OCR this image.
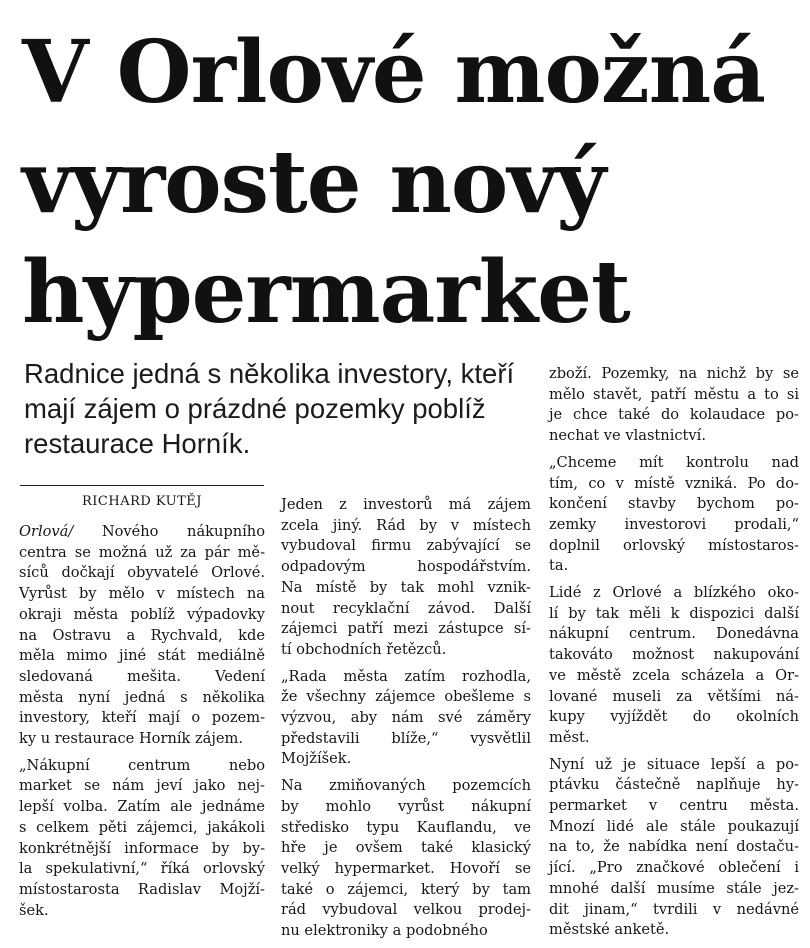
V Orlové možná
vyroste nový
hypermarket
Radnice jedná s několika investory, kteří
mají zájem o prázdné pozemky poblíž
restaurace Horník.
RICHARD KUTĚJ

Orlová/ Nového nákupního
centra se možná už za pár mě-
síců dočkají obyvatelé Orlové.
Vyrůst by mělo v místech na
okraji města poblíž výpadovky
na Ostravu a Rychvald, kde
měla mimo jiné stát mediálně
sledovaná mešita. Vedení
města nyní jedná s několika
investory, kteří mají o pozem-
ky u restaurace Horník zájem.

„Nákupní centrum nebo
market se nám jeví jako nej-
lepší volba. Zatím ale jednáme
s celkem pěti zájemci, jakákoli
konkrétnější informace by by-
la spekulativní,“ říká orlovský
místostarosta Radislav Mojží-
šek.

Jeden z investorů má zájem
zcela jiný. Rád by v místech
vybudoval firmu zabývající se
odpadovým hospodářstvím.
Na místě by tak mohl vznik-
nout recyklační závod. Další
zájemci patří mezi zástupce sí-
tí obchodních řetězců.

„Rada města zatím rozhodla,
že všechny zájemce obešleme s
výzvou, aby nám své záměry
představili blíže,“ vysvětlil
Mojžíšek.

Na zmiňovaných pozemcích
by mohlo vyrůst nákupní
středisko typu Kauflandu, ve
hře je ovšem také klasický
velký hypermarket. Hovoří se
také o zájemci, který by tam
rád vybudoval velkou prodej-
nu elektroniky a podobného

zboží. Pozemky, na nichž by se
mělo stavět, patří městu a to si
je chce také do kolaudace po-
nechat ve vlastnictví.

„Chceme mít kontrolu nad
tím, co v místě vzniká. Po do-
končení stavby bychom po-
zemky investorovi prodali,“
doplnil orlovský místostaros-
ta.

Lidé z Orlové a blízkého oko-
lí by tak měli k dispozici další
nákupní centrum. Donedávna
takováto možnost nakupování
ve městě zcela scházela a Or-
lované museli za většími ná-
kupy vyjíždět do okolních
měst.

Nyní už je situace lepší a po-
ptávku částečně naplňuje hy-
permarket v centru města.
Mnozí lidé ale stále poukazují
na to, že nabídka není dostaču-
jící. „Pro značkové oblečení i
mnohé další musíme stále jez-
dit jinam,“ tvrdili v nedávné
městské anketě.
